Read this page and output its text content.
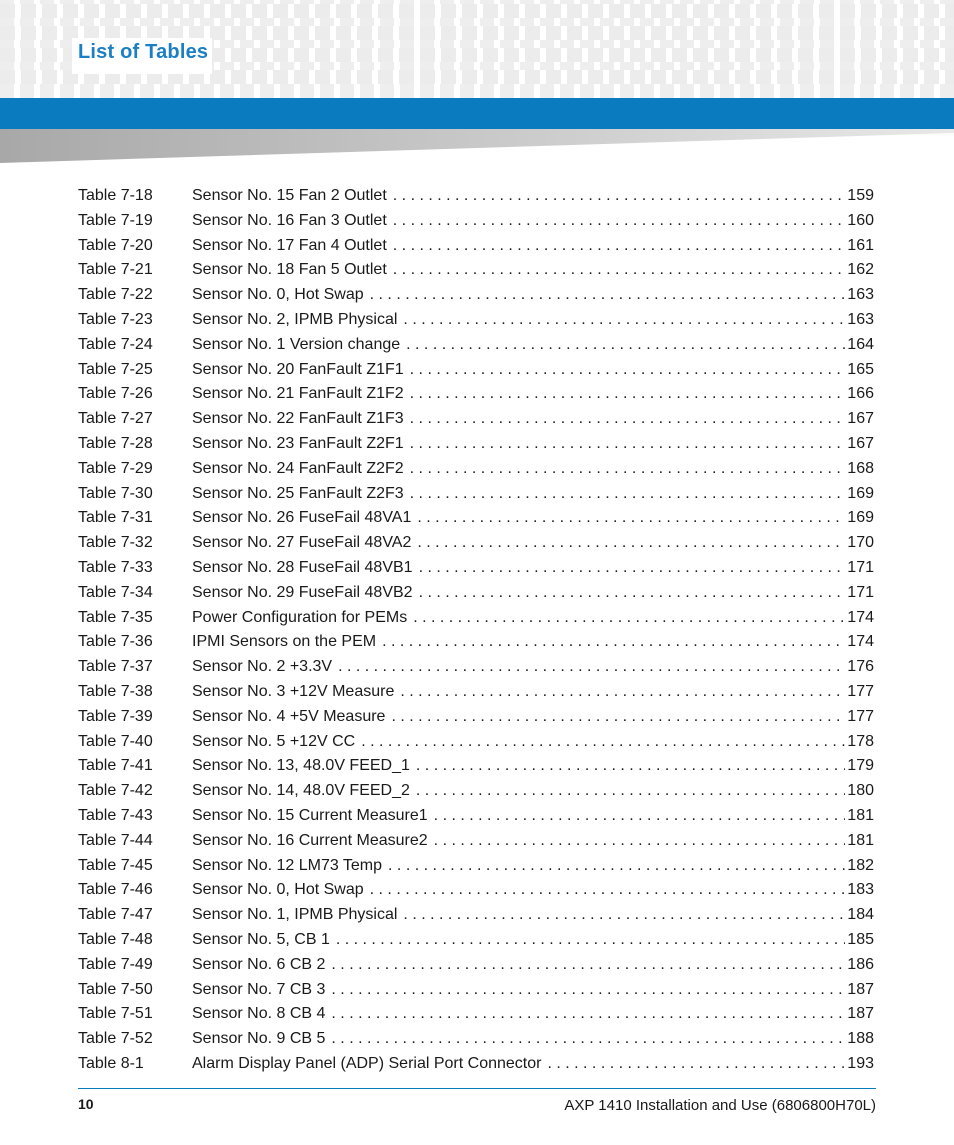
List of Tables
Table 7-18	Sensor No. 15 Fan 2 Outlet . . .	159
Table 7-19	Sensor No. 16 Fan 3 Outlet . . .	160
Table 7-20	Sensor No. 17 Fan 4 Outlet . . .	161
Table 7-21	Sensor No. 18 Fan 5 Outlet . . .	162
Table 7-22	Sensor No. 0, Hot Swap . . .	163
Table 7-23	Sensor No. 2, IPMB Physical . . .	163
Table 7-24	Sensor No. 1 Version change . . .	164
Table 7-25	Sensor No. 20 FanFault Z1F1 . . .	165
Table 7-26	Sensor No. 21 FanFault Z1F2 . . .	166
Table 7-27	Sensor No. 22 FanFault Z1F3 . . .	167
Table 7-28	Sensor No. 23 FanFault Z2F1 . . .	167
Table 7-29	Sensor No. 24 FanFault Z2F2 . . .	168
Table 7-30	Sensor No. 25 FanFault Z2F3 . . .	169
Table 7-31	Sensor No. 26 FuseFail 48VA1 . . .	169
Table 7-32	Sensor No. 27 FuseFail 48VA2 . . .	170
Table 7-33	Sensor No. 28 FuseFail 48VB1 . . .	171
Table 7-34	Sensor No. 29 FuseFail 48VB2 . . .	171
Table 7-35	Power Configuration for PEMs . . .	174
Table 7-36	IPMI Sensors on the PEM . . .	174
Table 7-37	Sensor No. 2 +3.3V . . .	176
Table 7-38	Sensor No. 3 +12V Measure . . .	177
Table 7-39	Sensor No. 4 +5V Measure . . .	177
Table 7-40	Sensor No. 5 +12V CC . . .	178
Table 7-41	Sensor No. 13, 48.0V FEED_1 . . .	179
Table 7-42	Sensor No. 14, 48.0V FEED_2 . . .	180
Table 7-43	Sensor No. 15 Current Measure1 . . .	181
Table 7-44	Sensor No. 16 Current Measure2 . . .	181
Table 7-45	Sensor No. 12 LM73 Temp . . .	182
Table 7-46	Sensor No. 0, Hot Swap . . .	183
Table 7-47	Sensor No. 1, IPMB Physical . . .	184
Table 7-48	Sensor No. 5, CB 1 . . .	185
Table 7-49	Sensor No. 6 CB 2 . . .	186
Table 7-50	Sensor No. 7 CB 3 . . .	187
Table 7-51	Sensor No. 8 CB 4 . . .	187
Table 7-52	Sensor No. 9 CB 5 . . .	188
Table 8-1	Alarm Display Panel (ADP) Serial Port Connector . . .	193
10	AXP 1410 Installation and Use (6806800H70L)
